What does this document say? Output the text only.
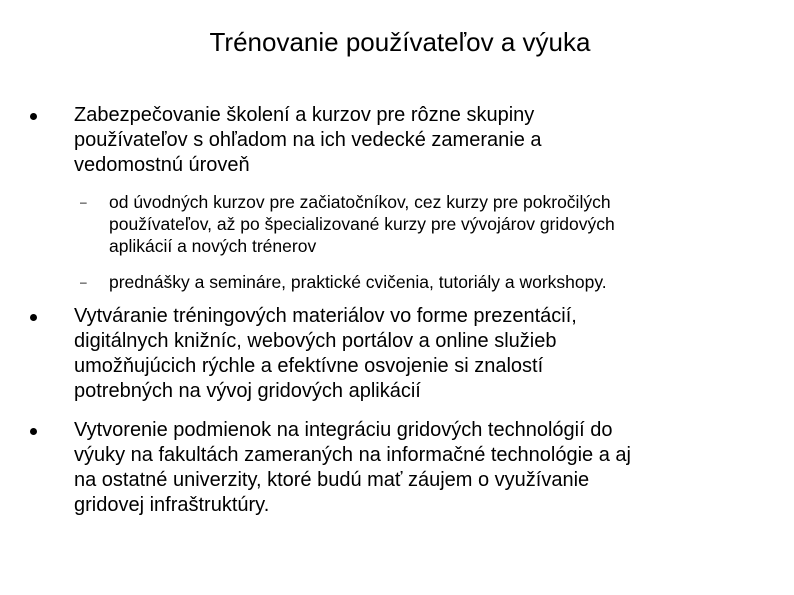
Trénovanie používateľov a výuka
Zabezpečovanie školení a kurzov pre rôzne skupiny
používateľov s ohľadom na ich vedecké zameranie a
vedomostnú úroveň
– od úvodných kurzov pre začiatočníkov, cez kurzy pre pokročilých
používateľov, až po špecializované kurzy pre vývojárov gridových
aplikácií a nových trénerov
– prednášky a semináre, praktické cvičenia, tutoriály a workshopy.
Vytváranie tréningových materiálov vo forme prezentácií,
digitálnych knižníc, webových portálov a online služieb
umožňujúcich rýchle a efektívne osvojenie si znalostí
potrebných na vývoj gridových aplikácií
Vytvorenie podmienok na integráciu gridových technológií do
výuky na fakultách zameraných na informačné technológie a aj
na ostatné univerzity, ktoré budú mať záujem o využívanie
gridovej infraštruktúry.
